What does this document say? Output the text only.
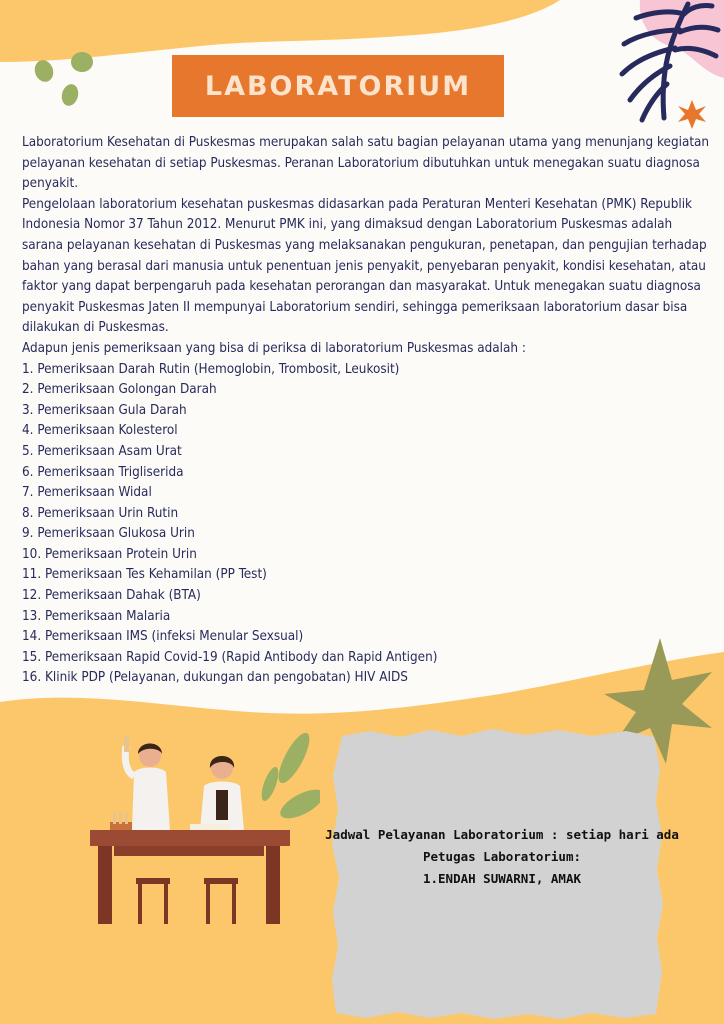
LABORATORIUM

Laboratorium Kesehatan di Puskesmas merupakan salah satu bagian pelayanan utama yang menunjang kegiatan pelayanan kesehatan di setiap Puskesmas. Peranan Laboratorium dibutuhkan untuk menegakan suatu diagnosa penyakit.

Pengelolaan laboratorium kesehatan puskesmas didasarkan pada Peraturan Menteri Kesehatan (PMK) Republik Indonesia Nomor 37 Tahun 2012. Menurut PMK ini, yang dimaksud dengan Laboratorium Puskesmas adalah sarana pelayanan kesehatan di Puskesmas yang melaksanakan pengukuran, penetapan, dan pengujian terhadap bahan yang berasal dari manusia untuk penentuan jenis penyakit, penyebaran penyakit, kondisi kesehatan, atau faktor yang dapat berpengaruh pada kesehatan perorangan dan masyarakat. Untuk menegakan suatu diagnosa penyakit Puskesmas Jaten II mempunyai Laboratorium sendiri, sehingga pemeriksaan laboratorium dasar bisa dilakukan di Puskesmas.

Adapun jenis pemeriksaan yang bisa di periksa di laboratorium Puskesmas adalah :

1. Pemeriksaan Darah Rutin (Hemoglobin, Trombosit, Leukosit)
2. Pemeriksaan Golongan Darah
3. Pemeriksaan Gula Darah
4. Pemeriksaan Kolesterol
5. Pemeriksaan Asam Urat
6. Pemeriksaan Trigliserida
7. Pemeriksaan Widal
8. Pemeriksaan Urin Rutin
9. Pemeriksaan Glukosa Urin
10. Pemeriksaan Protein Urin
11. Pemeriksaan Tes Kehamilan (PP Test)
12. Pemeriksaan Dahak (BTA)
13. Pemeriksaan Malaria
14. Pemeriksaan IMS (infeksi Menular Sexsual)
15. Pemeriksaan Rapid Covid-19 (Rapid Antibody dan Rapid Antigen)
16. Klinik PDP (Pelayanan, dukungan dan pengobatan) HIV AIDS
Jadwal Pelayanan Laboratorium : setiap hari ada
Petugas Laboratorium:
1.ENDAH SUWARNI, AMAK
